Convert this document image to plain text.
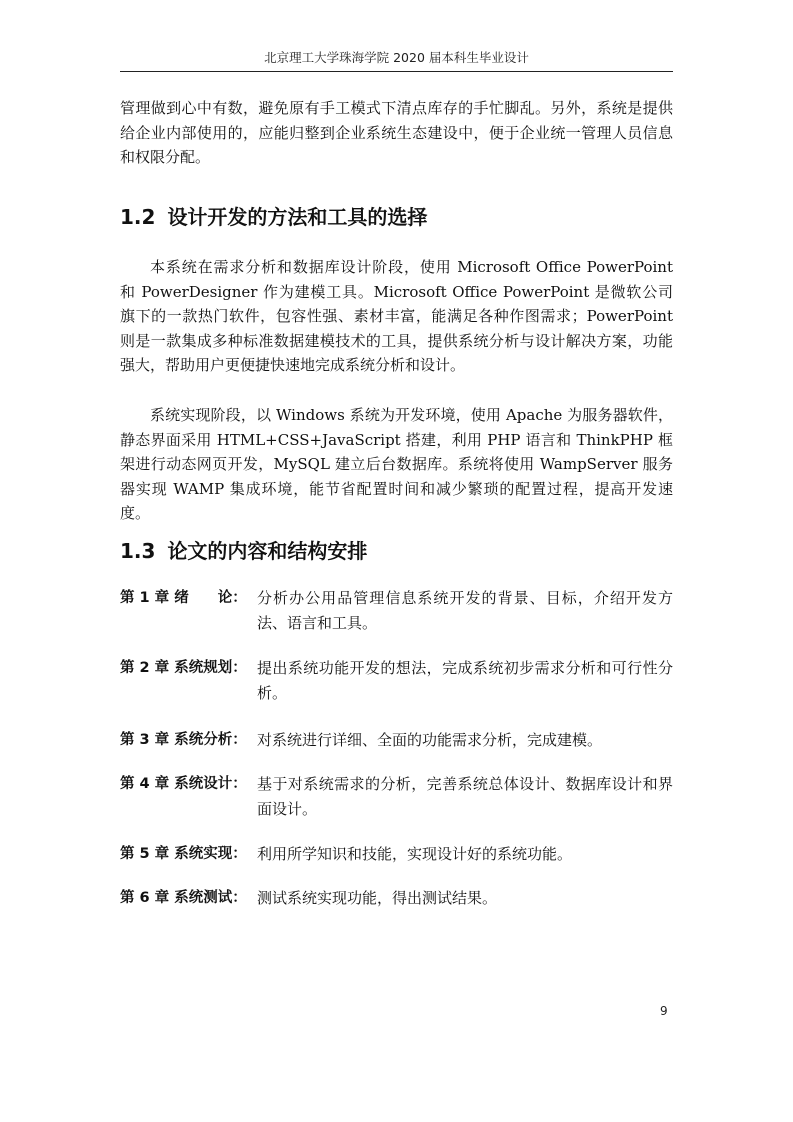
北京理工大学珠海学院 2020 届本科生毕业设计
管理做到心中有数，避免原有手工模式下清点库存的手忙脚乱。另外，系统是提供给企业内部使用的，应能归整到企业系统生态建设中，便于企业统一管理人员信息和权限分配。
1.2 设计开发的方法和工具的选择
本系统在需求分析和数据库设计阶段，使用 Microsoft Office PowerPoint 和 PowerDesigner 作为建模工具。Microsoft Office PowerPoint 是微软公司旗下的一款热门软件，包容性强、素材丰富，能满足各种作图需求；PowerPoint 则是一款集成多种标准数据建模技术的工具，提供系统分析与设计解决方案，功能强大，帮助用户更便捷快速地完成系统分析和设计。
系统实现阶段，以 Windows 系统为开发环境，使用 Apache 为服务器软件，静态界面采用 HTML+CSS+JavaScript 搭建，利用 PHP 语言和 ThinkPHP 框架进行动态网页开发，MySQL 建立后台数据库。系统将使用 WampServer 服务器实现 WAMP 集成环境，能节省配置时间和减少繁琐的配置过程，提高开发速度。
1.3 论文的内容和结构安排
第 1 章 绪　　论： 分析办公用品管理信息系统开发的背景、目标，介绍开发方法、语言和工具。
第 2 章 系统规划： 提出系统功能开发的想法，完成系统初步需求分析和可行性分析。
第 3 章 系统分析： 对系统进行详细、全面的功能需求分析，完成建模。
第 4 章 系统设计： 基于对系统需求的分析，完善系统总体设计、数据库设计和界面设计。
第 5 章 系统实现： 利用所学知识和技能，实现设计好的系统功能。
第 6 章 系统测试： 测试系统实现功能，得出测试结果。
9
